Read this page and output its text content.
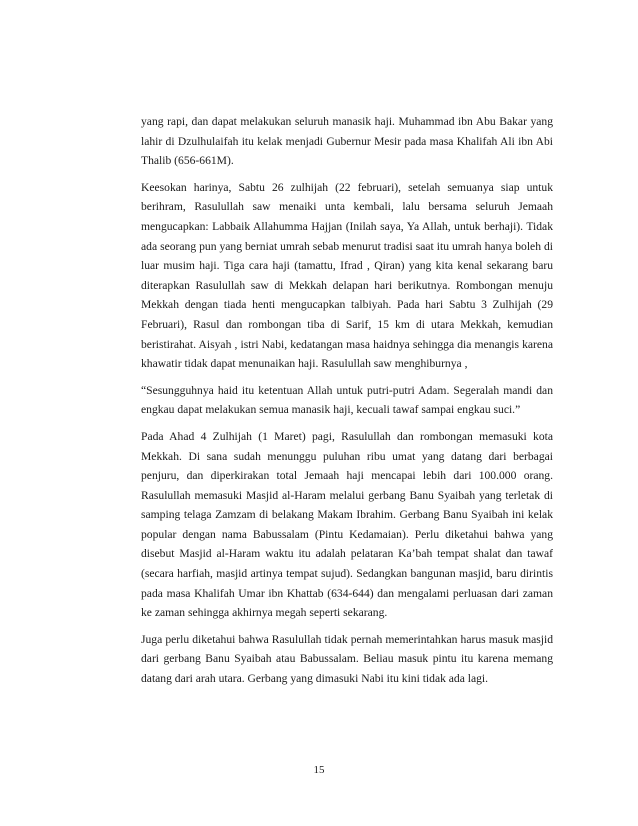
yang rapi, dan dapat melakukan seluruh manasik haji. Muhammad ibn Abu Bakar yang lahir di Dzulhulaifah itu kelak menjadi Gubernur Mesir pada masa Khalifah Ali ibn Abi Thalib (656-661M).

Keesokan harinya, Sabtu 26 zulhijah (22 februari), setelah semuanya siap untuk berihram, Rasulullah saw menaiki unta kembali, lalu bersama seluruh Jemaah mengucapkan: Labbaik Allahumma Hajjan (Inilah saya, Ya Allah, untuk berhaji). Tidak ada seorang pun yang berniat umrah sebab menurut tradisi saat itu umrah hanya boleh di luar musim haji. Tiga cara haji (tamattu, Ifrad , Qiran) yang kita kenal sekarang baru diterapkan Rasulullah saw di Mekkah delapan hari berikutnya. Rombongan menuju Mekkah dengan tiada henti mengucapkan talbiyah. Pada hari Sabtu 3 Zulhijah (29 Februari), Rasul dan rombongan tiba di Sarif, 15 km di utara Mekkah, kemudian beristirahat. Aisyah , istri Nabi, kedatangan masa haidnya sehingga dia menangis karena khawatir tidak dapat menunaikan haji. Rasulullah saw menghiburnya ,

“Sesungguhnya haid itu ketentuan Allah untuk putri-putri Adam. Segeralah mandi dan engkau dapat melakukan semua manasik haji, kecuali tawaf sampai engkau suci.”

Pada Ahad 4 Zulhijah (1 Maret) pagi, Rasulullah dan rombongan memasuki kota Mekkah. Di sana sudah menunggu puluhan ribu umat yang datang dari berbagai penjuru, dan diperkirakan total Jemaah haji mencapai lebih dari 100.000 orang. Rasulullah memasuki Masjid al-Haram melalui gerbang Banu Syaibah yang terletak di samping telaga Zamzam di belakang Makam Ibrahim. Gerbang Banu Syaibah ini kelak popular dengan nama Babussalam (Pintu Kedamaian). Perlu diketahui bahwa yang disebut Masjid al-Haram waktu itu adalah pelataran Ka’bah tempat shalat dan tawaf (secara harfiah, masjid artinya tempat sujud). Sedangkan bangunan masjid, baru dirintis pada masa Khalifah Umar ibn Khattab (634-644) dan mengalami perluasan dari zaman ke zaman sehingga akhirnya megah seperti sekarang.

Juga perlu diketahui bahwa Rasulullah tidak pernah memerintahkan harus masuk masjid dari gerbang Banu Syaibah atau Babussalam. Beliau masuk pintu itu karena memang datang dari arah utara. Gerbang yang dimasuki Nabi itu kini tidak ada lagi.

15
